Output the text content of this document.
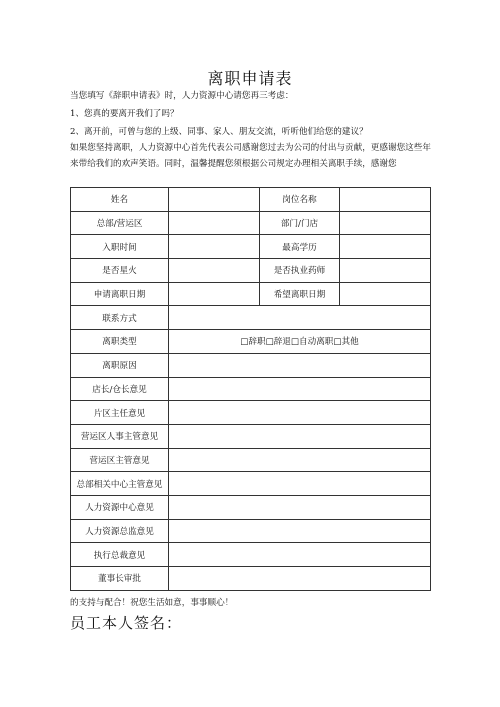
离职申请表
当您填写《辞职申请表》时，人力资源中心请您再三考虑：
1、您真的要离开我们了吗？
2、离开前，可曾与您的上级、同事、家人、朋友交流，听听他们给您的建议？
如果您坚持离职，人力资源中心首先代表公司感谢您过去为公司的付出与贡献，更感谢您这些年
来带给我们的欢声笑语。同时，温馨提醒您须根据公司规定办理相关离职手续，感谢您
姓名		岗位名称	
总部/营运区		部门/门店	
入职时间		最高学历	
是否星火		是否执业药师	
申请离职日期		希望离职日期	
联系方式			
离职类型	□辞职□辞退□自动离职□其他		
离职原因			
店长/仓长意见			
片区主任意见			
营运区人事主管意见			
营运区主管意见			
总部相关中心主管意见			
人力资源中心意见			
人力资源总监意见			
执行总裁意见			
董事长审批			
的支持与配合！祝您生活如意，事事顺心！
员工本人签名：
